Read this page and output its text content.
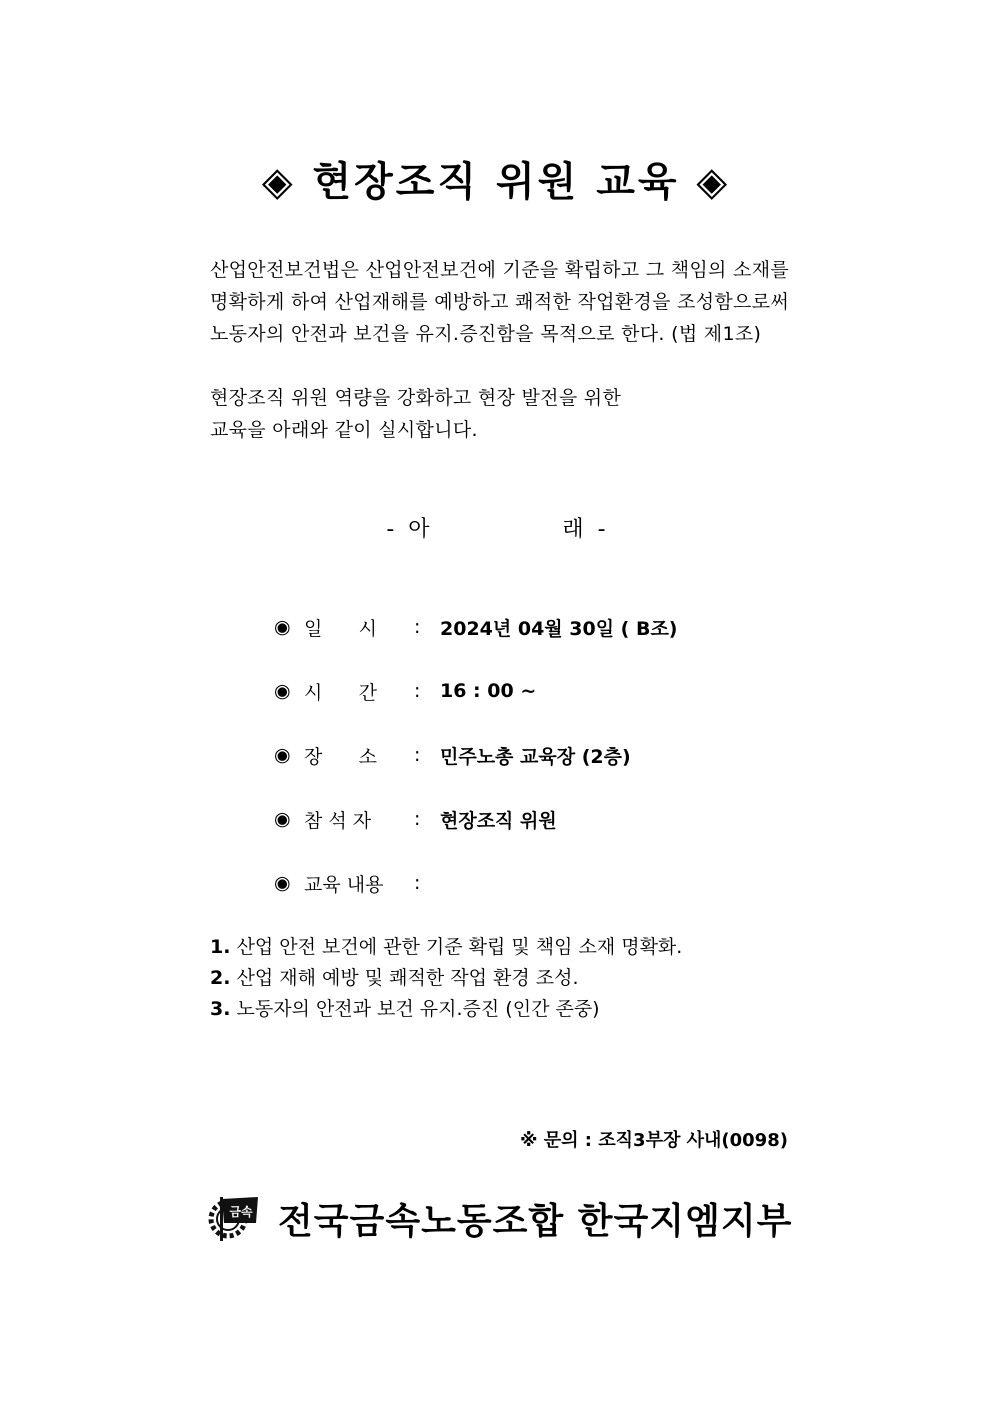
◈ 현장조직 위원 교육 ◈
산업안전보건법은 산업안전보건에 기준을 확립하고 그 책임의 소재를
명확하게 하여 산업재해를 예방하고 쾌적한 작업환경을 조성함으로써
노동자의 안전과 보건을 유지.증진함을 목적으로 한다. (법 제1조)
현장조직 위원 역량을 강화하고 현장 발전을 위한
교육을 아래와 같이 실시합니다.
-  아                   래  -
◉ 일      시	:	2024년 04월 30일 ( B조)
◉ 시      간	:	16 : 00 ~
◉ 장      소	:	민주노총 교육장 (2층)
◉ 참 석 자	:	현장조직 위원
◉ 교육 내용	:
1. 산업 안전 보건에 관한 기준 확립 및 책임 소재 명확화.
2. 산업 재해 예방 및 쾌적한 작업 환경 조성.
3. 노동자의 안전과 보건 유지.증진 (인간 존중)
※ 문의 : 조직3부장 사내(0098)
금속 전국금속노동조합 한국지엠지부
